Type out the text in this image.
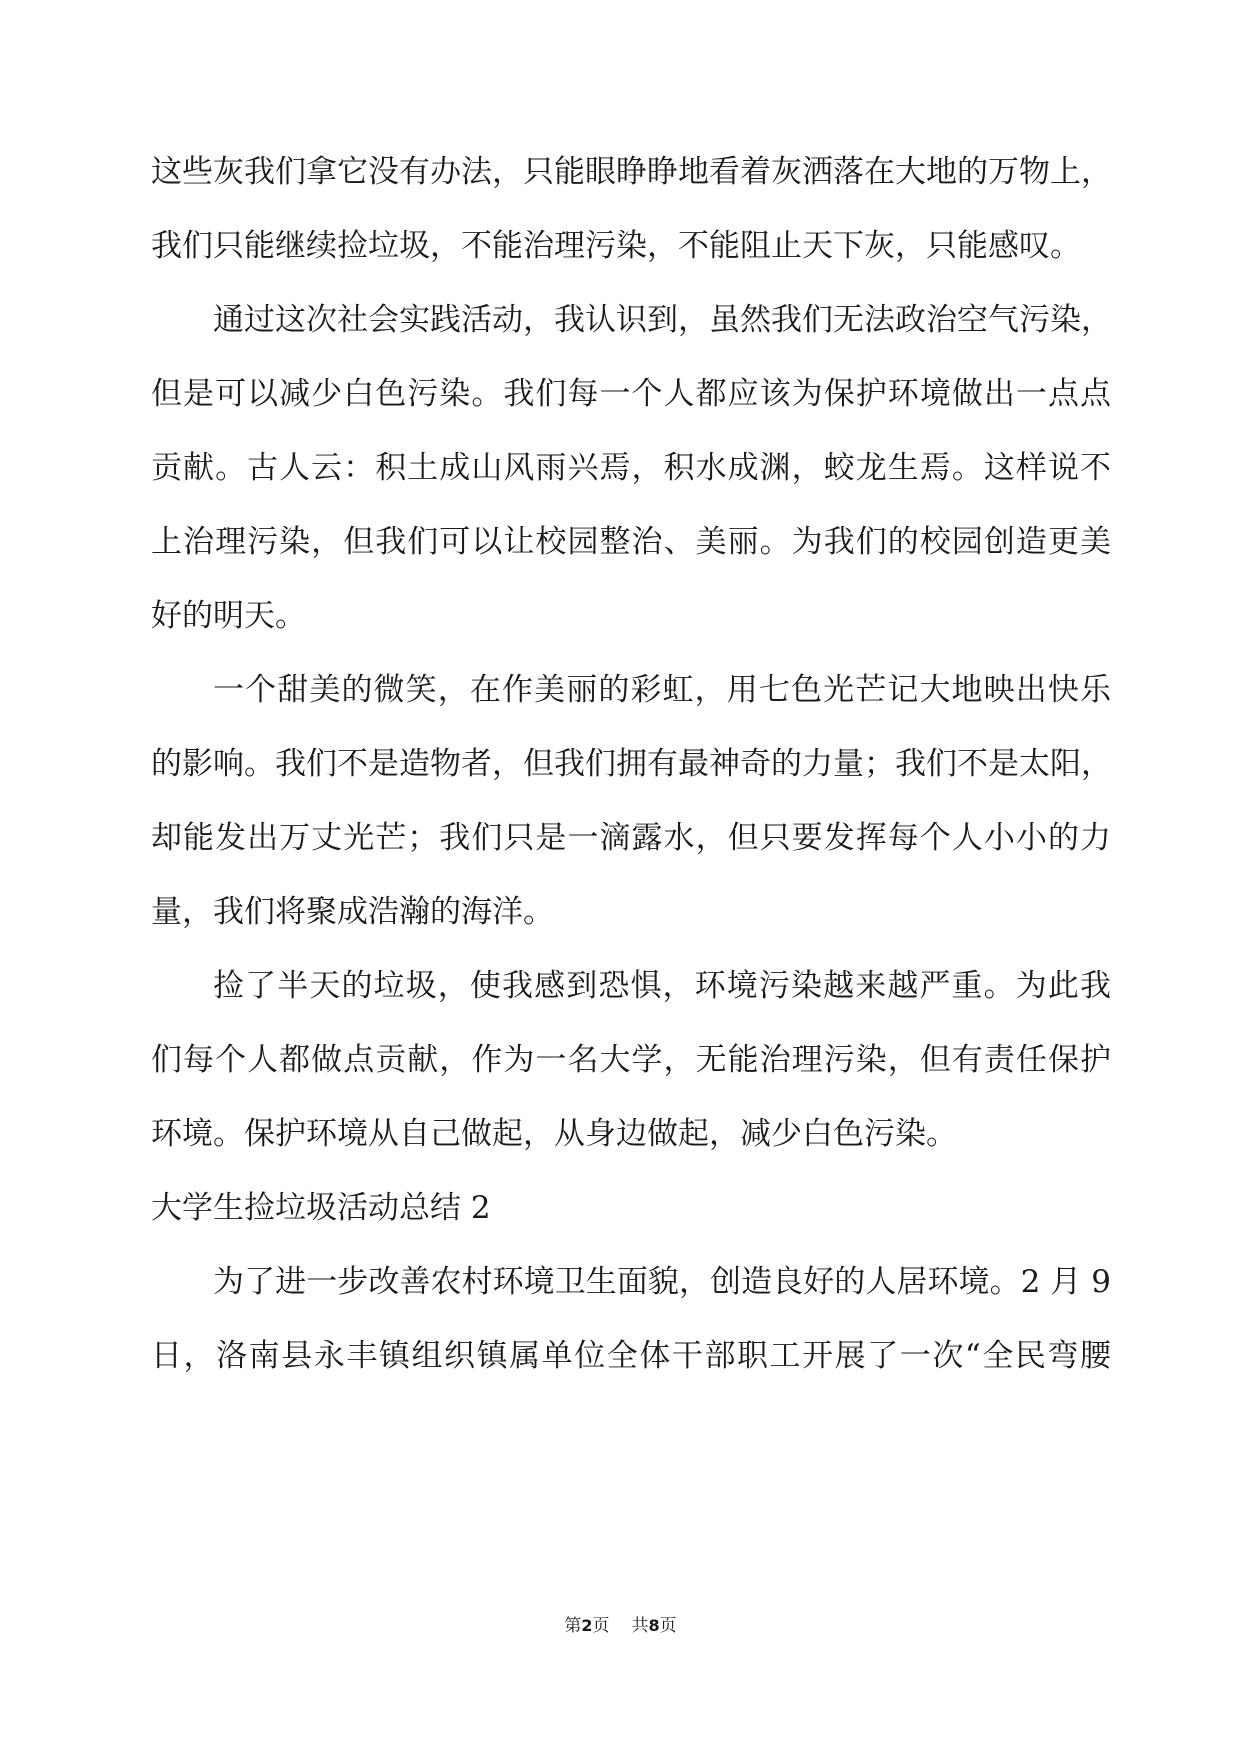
这些灰我们拿它没有办法，只能眼睁睁地看着灰洒落在大地的万物上，
我们只能继续捡垃圾，不能治理污染，不能阻止天下灰，只能感叹。
通过这次社会实践活动，我认识到，虽然我们无法政治空气污染，
但是可以减少白色污染。我们每一个人都应该为保护环境做出一点点
贡献。古人云：积土成山风雨兴焉，积水成渊，蛟龙生焉。这样说不
上治理污染，但我们可以让校园整治、美丽。为我们的校园创造更美
好的明天。
一个甜美的微笑，在作美丽的彩虹，用七色光芒记大地映出快乐
的影响。我们不是造物者，但我们拥有最神奇的力量；我们不是太阳，
却能发出万丈光芒；我们只是一滴露水，但只要发挥每个人小小的力
量，我们将聚成浩瀚的海洋。
捡了半天的垃圾，使我感到恐惧，环境污染越来越严重。为此我
们每个人都做点贡献，作为一名大学，无能治理污染，但有责任保护
环境。保护环境从自己做起，从身边做起，减少白色污染。
大学生捡垃圾活动总结 2
为了进一步改善农村环境卫生面貌，创造良好的人居环境。2 月 9
日，洛南县永丰镇组织镇属单位全体干部职工开展了一次“全民弯腰
第2页 共8页
